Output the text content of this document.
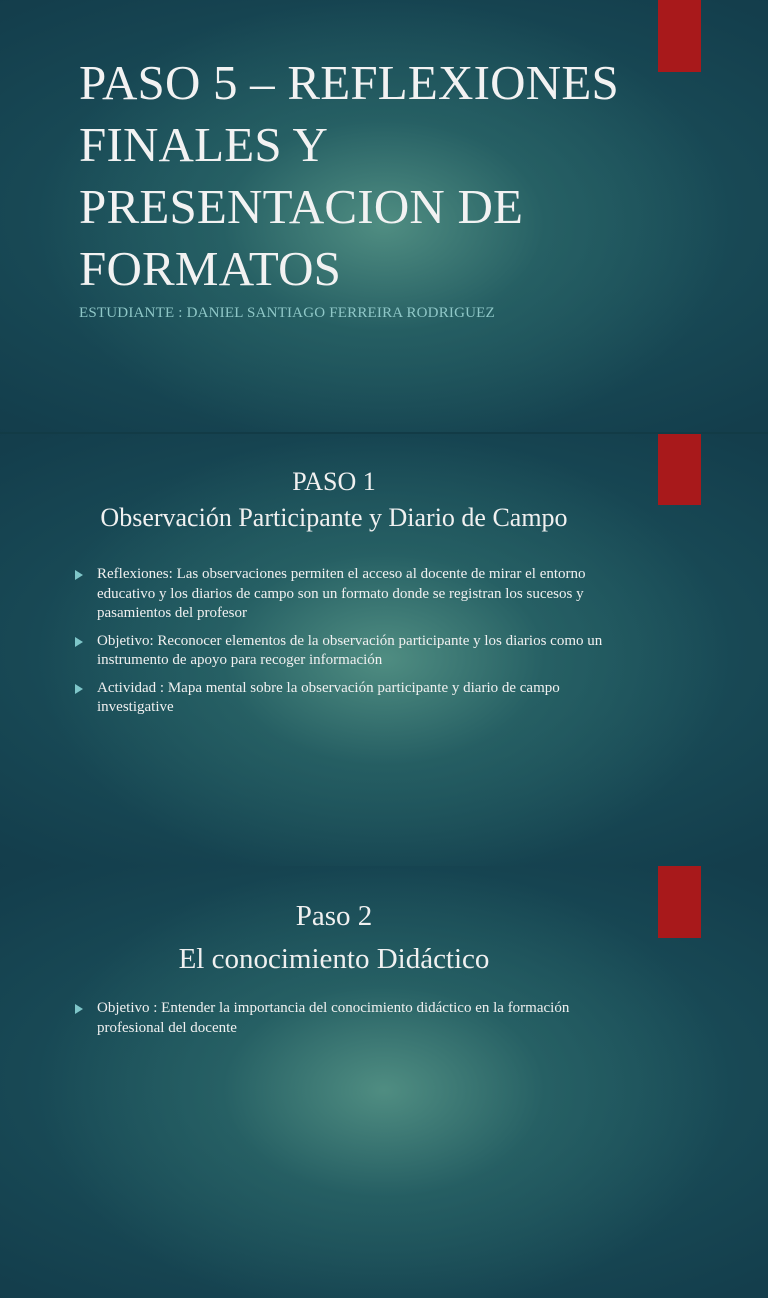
PASO 5 – REFLEXIONES FINALES Y PRESENTACION DE FORMATOS
ESTUDIANTE : DANIEL SANTIAGO FERREIRA RODRIGUEZ
PASO 1
Observación Participante y Diario de Campo
Reflexiones: Las observaciones permiten el acceso al docente de mirar el entorno educativo y los diarios de campo son un formato donde se registran los sucesos y pasamientos del profesor
Objetivo: Reconocer elementos de la observación participante y los diarios como un instrumento de apoyo para recoger información
Actividad : Mapa mental sobre la observación participante y diario de campo investigative
Paso 2
El conocimiento Didáctico
Objetivo : Entender la importancia del conocimiento didáctico en la formación profesional del docente
